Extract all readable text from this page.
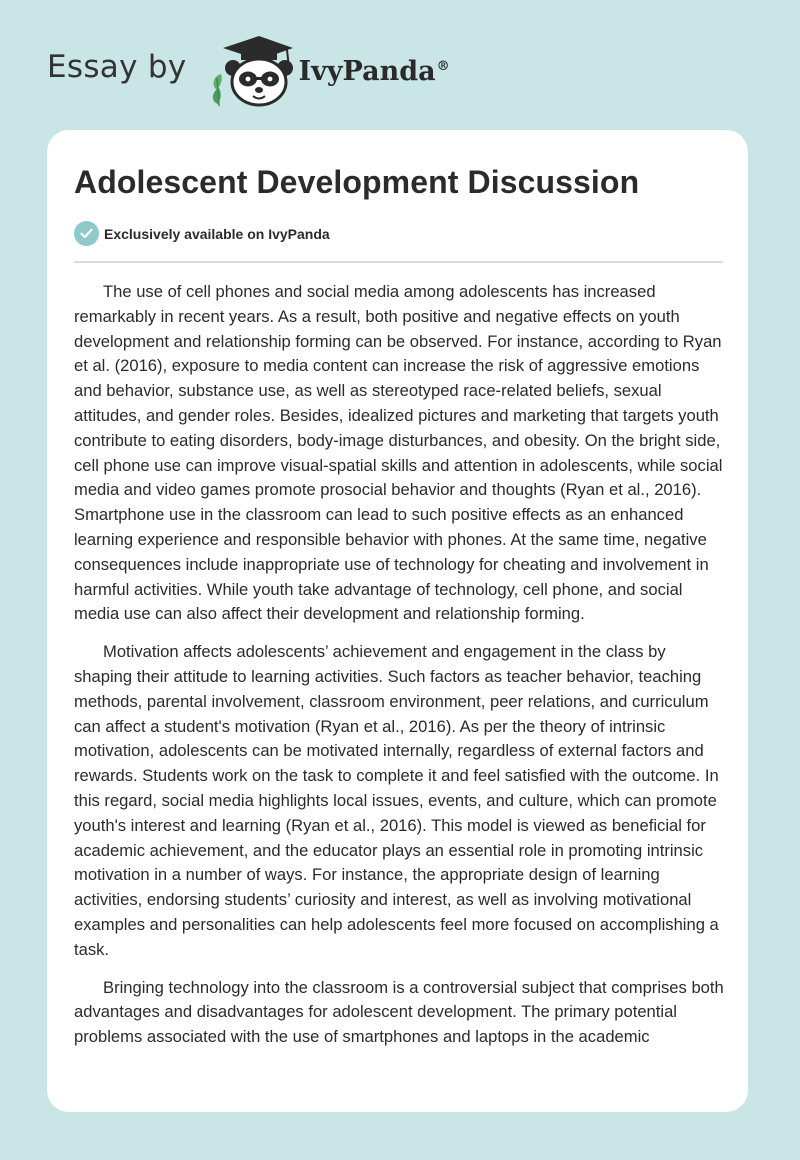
Essay by	IvyPanda®
Adolescent Development Discussion
Exclusively available on IvyPanda

The use of cell phones and social media among adolescents has increased remarkably in recent years. As a result, both positive and negative effects on youth development and relationship forming can be observed. For instance, according to Ryan et al. (2016), exposure to media content can increase the risk of aggressive emotions and behavior, substance use, as well as stereotyped race-related beliefs, sexual attitudes, and gender roles. Besides, idealized pictures and marketing that targets youth contribute to eating disorders, body-image disturbances, and obesity. On the bright side, cell phone use can improve visual-spatial skills and attention in adolescents, while social media and video games promote prosocial behavior and thoughts (Ryan et al., 2016). Smartphone use in the classroom can lead to such positive effects as an enhanced learning experience and responsible behavior with phones. At the same time, negative consequences include inappropriate use of technology for cheating and involvement in harmful activities. While youth take advantage of technology, cell phone, and social media use can also affect their development and relationship forming.

Motivation affects adolescents’ achievement and engagement in the class by shaping their attitude to learning activities. Such factors as teacher behavior, teaching methods, parental involvement, classroom environment, peer relations, and curriculum can affect a student's motivation (Ryan et al., 2016). As per the theory of intrinsic motivation, adolescents can be motivated internally, regardless of external factors and rewards. Students work on the task to complete it and feel satisfied with the outcome. In this regard, social media highlights local issues, events, and culture, which can promote youth's interest and learning (Ryan et al., 2016). This model is viewed as beneficial for academic achievement, and the educator plays an essential role in promoting intrinsic motivation in a number of ways. For instance, the appropriate design of learning activities, endorsing students’ curiosity and interest, as well as involving motivational examples and personalities can help adolescents feel more focused on accomplishing a task.

Bringing technology into the classroom is a controversial subject that comprises both advantages and disadvantages for adolescent development. The primary potential problems associated with the use of smartphones and laptops in the academic
